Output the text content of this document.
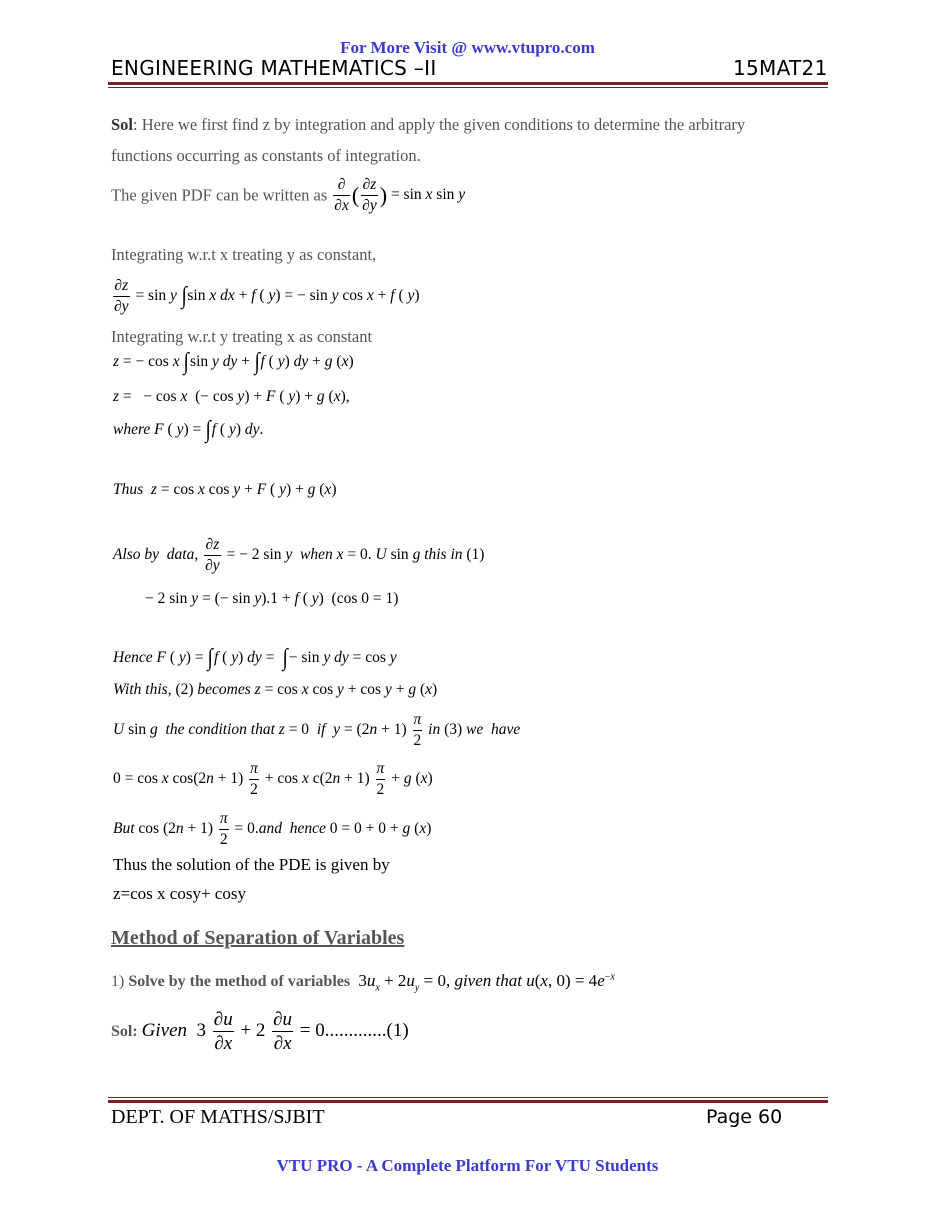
For More Visit @ www.vtupro.com
ENGINEERING MATHEMATICS –II	15MAT21
Sol: Here we first find z by integration and apply the given conditions to determine the arbitrary
functions occurring as constants of integration.
The given PDF can be written as $\frac{\partial}{\partial x}$ ( $\frac{\partial z}{\partial y}$ ) = sin x sin y
Integrating w.r.t x treating y as constant,
$\frac{\partial z}{\partial y} = \sin y$ ∫sin x dx + f ( y) = − sin y cos x + f ( y)
Integrating w.r.t y treating x as constant
z = − cos x ∫sin y dy + ∫f ( y) dy + g (x)
z =   − cos x  (− cos y) + F ( y) + g (x),
where F ( y) = ∫f ( y) dy.
Thus z = cos x cos y + F ( y) + g (x)
Also by  data, $\frac{\partial z}{\partial y}$ = − 2 sin y when x = 0. U sin g this in (1)
− 2 sin y = (− sin y).1 + f ( y)  (cos 0 = 1)
Hence F ( y) = ∫f ( y) dy =  ∫− sin y dy = cos y
With this, (2) becomes z = cos x cos y + cos y + g (x)
U sin g  the condition that z = 0  if  $y = (2n + 1) \frac{\pi}{2}$ in (3) we  have
0 = cos x $\cos(2n + 1) \frac{\pi}{2} + \cos x$ $c(2n + 1) \frac{\pi}{2} + g$ (x)
But $\cos (2n + 1) \frac{\pi}{2} = 0.and$  hence 0 = 0 + 0 + g (x)
Thus the solution of the PDE is given by
z=cos x cosy+ cosy
Method of Separation of Variables
1) Solve by the method of variables  $3u_x + 2u_y = 0$, given that u(x, $0) = 4e^{-x}$
Sol: Given  $3 \frac{\partial u}{\partial x} + 2 \frac{\partial u}{\partial x} = 0.............(1)$
DEPT. OF MATHS/SJBIT	Page 60
VTU PRO - A Complete Platform For VTU Students
